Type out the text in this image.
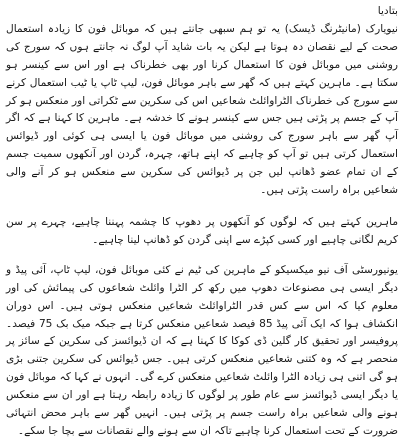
بتادیا

نیویارک (مانیٹرنگ ڈیسک) یہ تو ہم سبھی جانتے ہیں کہ موبائل فون کا زیادہ استعمال صحت کے لیے نقصان دہ ہوتا ہے لیکن یہ بات شاید آپ لوگ نہ جانتے ہوں کہ سورج کی روشنی میں موبائل فون کا استعمال کرنا اور بھی خطرناک ہے اور اس سے کینسر ہو سکتا ہے۔ ماہرین کہتے ہیں کہ گھر سے باہر موبائل فون، لیپ ٹاپ یا ٹیب استعمال کرنے سے سورج کی خطرناک الٹراوائلٹ شعاعیں اس کی سکرین سے ٹکراتی اور منعکس ہو کر آپ کے جسم پر پڑتی ہیں جس سے کینسر ہونے کا خدشہ ہے۔ ماہرین کا کہنا ہے کہ اگر آپ گھر سے باہر سورج کی روشنی میں موبائل فون یا ایسی ہی کوئی اور ڈیوائس استعمال کرتی ہیں تو آپ کو چاہیے کہ اپنے ہاتھ، چہرہ، گردن اور آنکھوں سمیت جسم کے ان تمام عضو ڈھانپ لیں جن پر ڈیوائس کی سکرین سے منعکس ہو کر آنے والی شعاعیں براہ راست پڑتی ہیں۔

ماہرین کہتے ہیں کہ لوگوں کو آنکھوں پر دھوپ کا چشمہ پہننا چاہیے، چہرے پر سن کریم لگانی چاہیے اور کسی کپڑے سے اپنی گردن کو ڈھانپ لینا چاہیے۔

یونیورسٹی آف نیو میکسیکو کے ماہرین کی ٹیم نے کئی موبائل فون، لیپ ٹاپ، آئی پیڈ و دیگر ایسی ہی مصنوعات دھوپ میں رکھ کر الٹرا وائلٹ شعاعوں کی پیمائش کی اور معلوم کیا کہ اس سے کس قدر الٹراوائلٹ شعاعیں منعکس ہوتی ہیں۔ اس دوران انکشاف ہوا کہ ایک آئی پیڈ 85 فیصد شعاعیں منعکس کرتا ہے جبکہ میک بک 75 فیصد۔ پروفیسر اور تحقیق کار گلین ڈی کوکا کا کہنا ہے کہ ان ڈیوائسز کی سکرین کے سائز پر منحصر ہے کہ وہ کتنی شعاعیں منعکس کرتی ہیں۔ جس ڈیوائس کی سکرین جتنی بڑی ہو گی اتنی ہی زیادہ الٹرا وائلٹ شعاعیں منعکس کرے گی۔ انہوں نے کہا کہ موبائل فون یا دیگر ایسی ڈیوائسز سے عام طور پر لوگوں کا زیادہ رابطہ رہتا ہے اور ان سے منعکس ہونے والی شعاعیں براہ راست جسم پر پڑتی ہیں۔ انہیں گھر سے باہر محض انتہائی ضرورت کے تحت استعمال کرنا چاہیے تاکہ ان سے ہونے والے نقصانات سے بچا جا سکے۔
